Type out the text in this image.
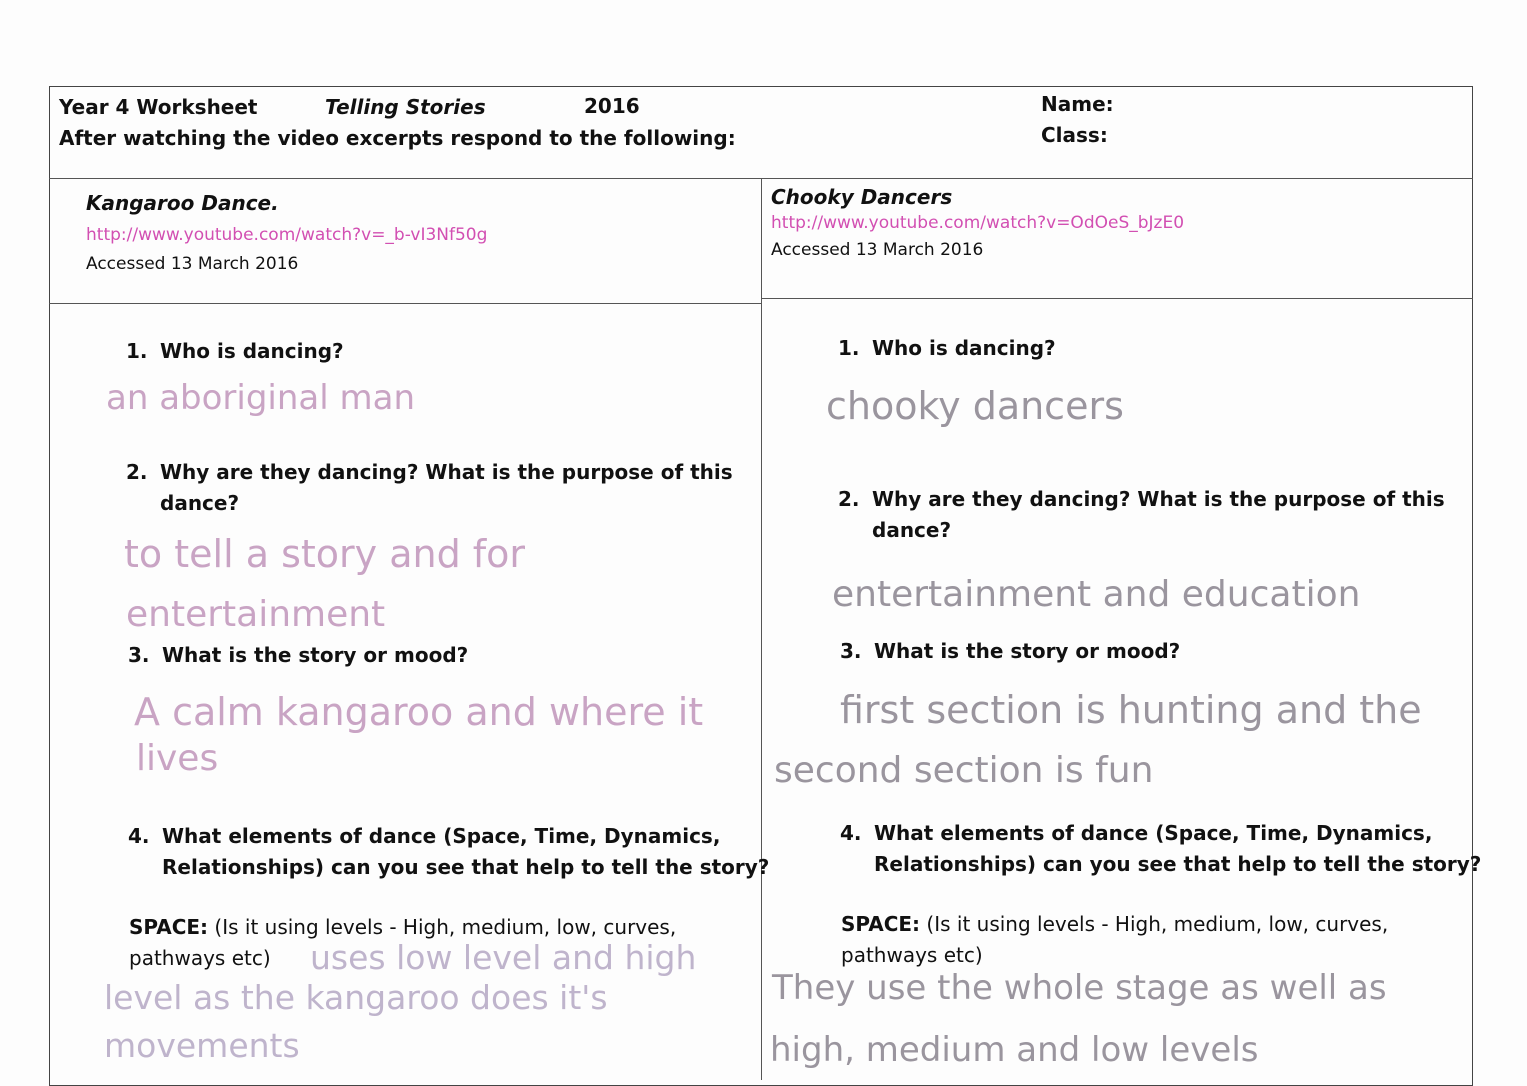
Year 4 Worksheet	Telling Stories	2016
After watching the video excerpts respond to the following:
Name:
Class:
Kangaroo Dance.
http://www.youtube.com/watch?v=_b-vI3Nf50g
Accessed 13 March 2016
Chooky Dancers
http://www.youtube.com/watch?v=OdOeS_bJzE0
Accessed 13 March 2016
1. Who is dancing?
an aboriginal man
2. Why are they dancing? What is the purpose of this
dance?
to tell a story and for
entertainment
3. What is the story or mood?
A calm kangaroo and where it
lives
4. What elements of dance (Space, Time, Dynamics,
Relationships) can you see that help to tell the story?
SPACE: (Is it using levels - High, medium, low, curves,
pathways etc)	uses low level and high
level as the kangaroo does it's
movements
1. Who is dancing?
chooky dancers
2. Why are they dancing? What is the purpose of this
dance?
entertainment and education
3. What is the story or mood?
first section is hunting and the
second section is fun
4. What elements of dance (Space, Time, Dynamics,
Relationships) can you see that help to tell the story?
SPACE: (Is it using levels - High, medium, low, curves,
pathways etc)
They use the whole stage as well as
high, medium and low levels
